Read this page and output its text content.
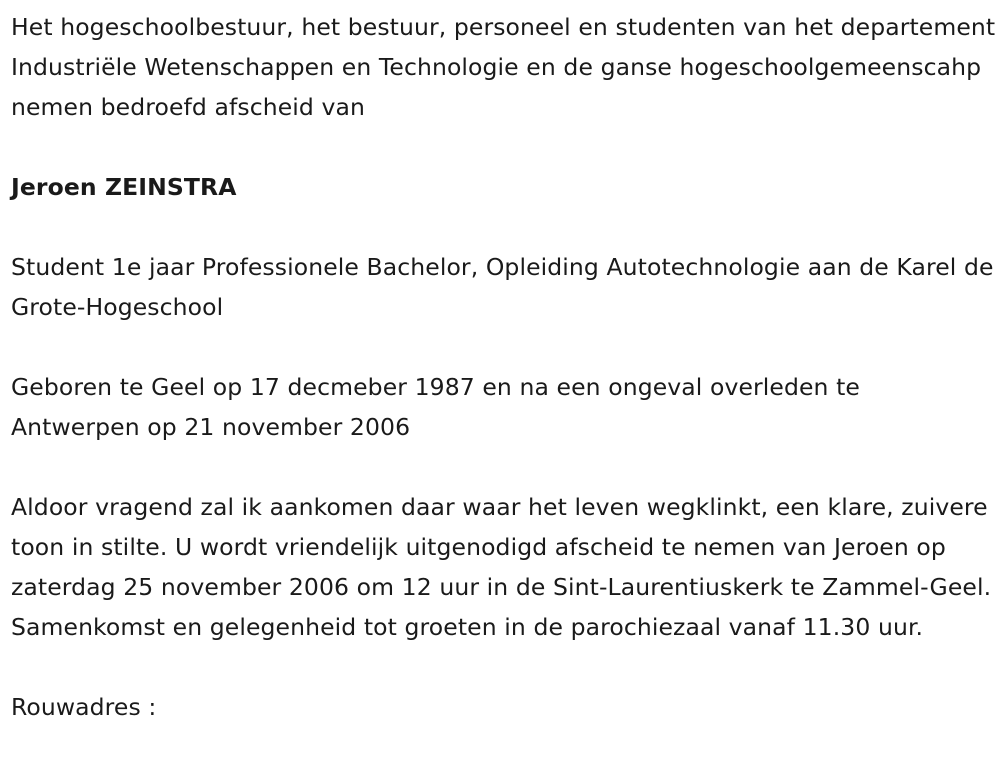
Het hogeschoolbestuur, het bestuur, personeel en studenten van het departement Industriële Wetenschappen en Technologie en de ganse hogeschoolgemeenscahp nemen bedroefd afscheid van

Jeroen ZEINSTRA

Student 1e jaar Professionele Bachelor, Opleiding Autotechnologie aan de Karel de Grote-Hogeschool

Geboren te Geel op 17 decmeber 1987 en na een ongeval overleden te Antwerpen op 21 november 2006

Aldoor vragend zal ik aankomen daar waar het leven wegklinkt, een klare, zuivere toon in stilte. U wordt vriendelijk uitgenodigd afscheid te nemen van Jeroen op zaterdag 25 november 2006 om 12 uur in de Sint-Laurentiuskerk te Zammel-Geel. Samenkomst en gelegenheid tot groeten in de parochiezaal vanaf 11.30 uur.

Rouwadres :
